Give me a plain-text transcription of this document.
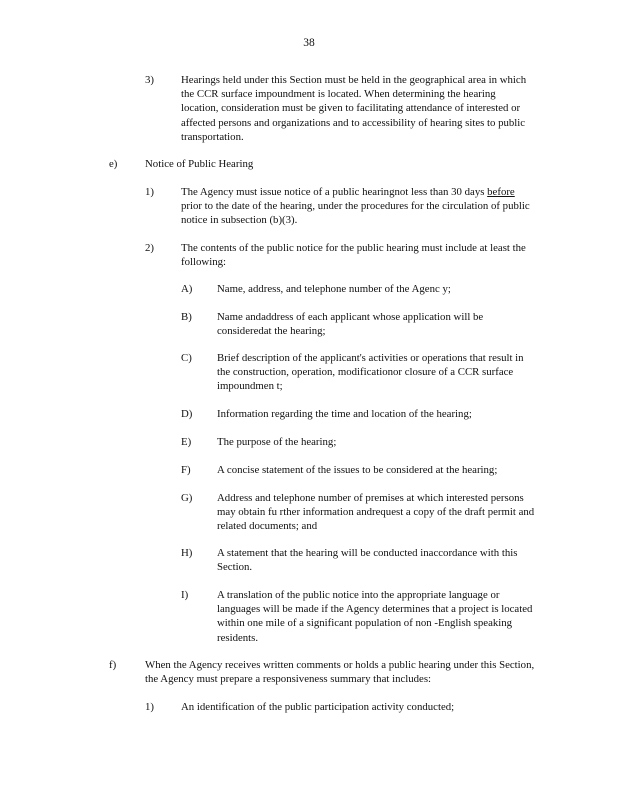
38
3)	Hearings held under this Section must be held in the geographical area in which the CCR surface impoundment is located. When determining the hearing location, consideration must be given to facilitating attendance of interested or affected persons and organizations and to accessibility of hearing sites to public transportation.
e)	Notice of Public Hearing
1)	The Agency must issue notice of a public hearingnot less than 30 days before prior to the date of the hearing, under the procedures for the circulation of public notice in subsection (b)(3).
2)	The contents of the public notice for the public hearing must include at least the following:
A) Name, address, and telephone number of the Agenc y;
B) Name andaddress of each applicant whose application will be consideredat the hearing;
C) Brief description of the applicant's activities or operations that result in the construction, operation, modificationor closure of a CCR surface impoundmen t;
D) Information regarding the time and location of the hearing;
E) The purpose of the hearing;
F) A concise statement of the issues to be considered at the hearing;
G) Address and telephone number of premises at which interested persons may obtain fu rther information andrequest a copy of the draft permit and related documents; and
H) A statement that the hearing will be conducted inaccordance with this Section.
I)	A translation of the public notice into the appropriate language or languages will be made if the Agency determines that a project is located within one mile of a significant population of non -English speaking residents.
f)	When the Agency receives written comments or holds a public hearing under this Section, the Agency must prepare a responsiveness summary that includes:
1)	An identification of the public participation activity conducted;
